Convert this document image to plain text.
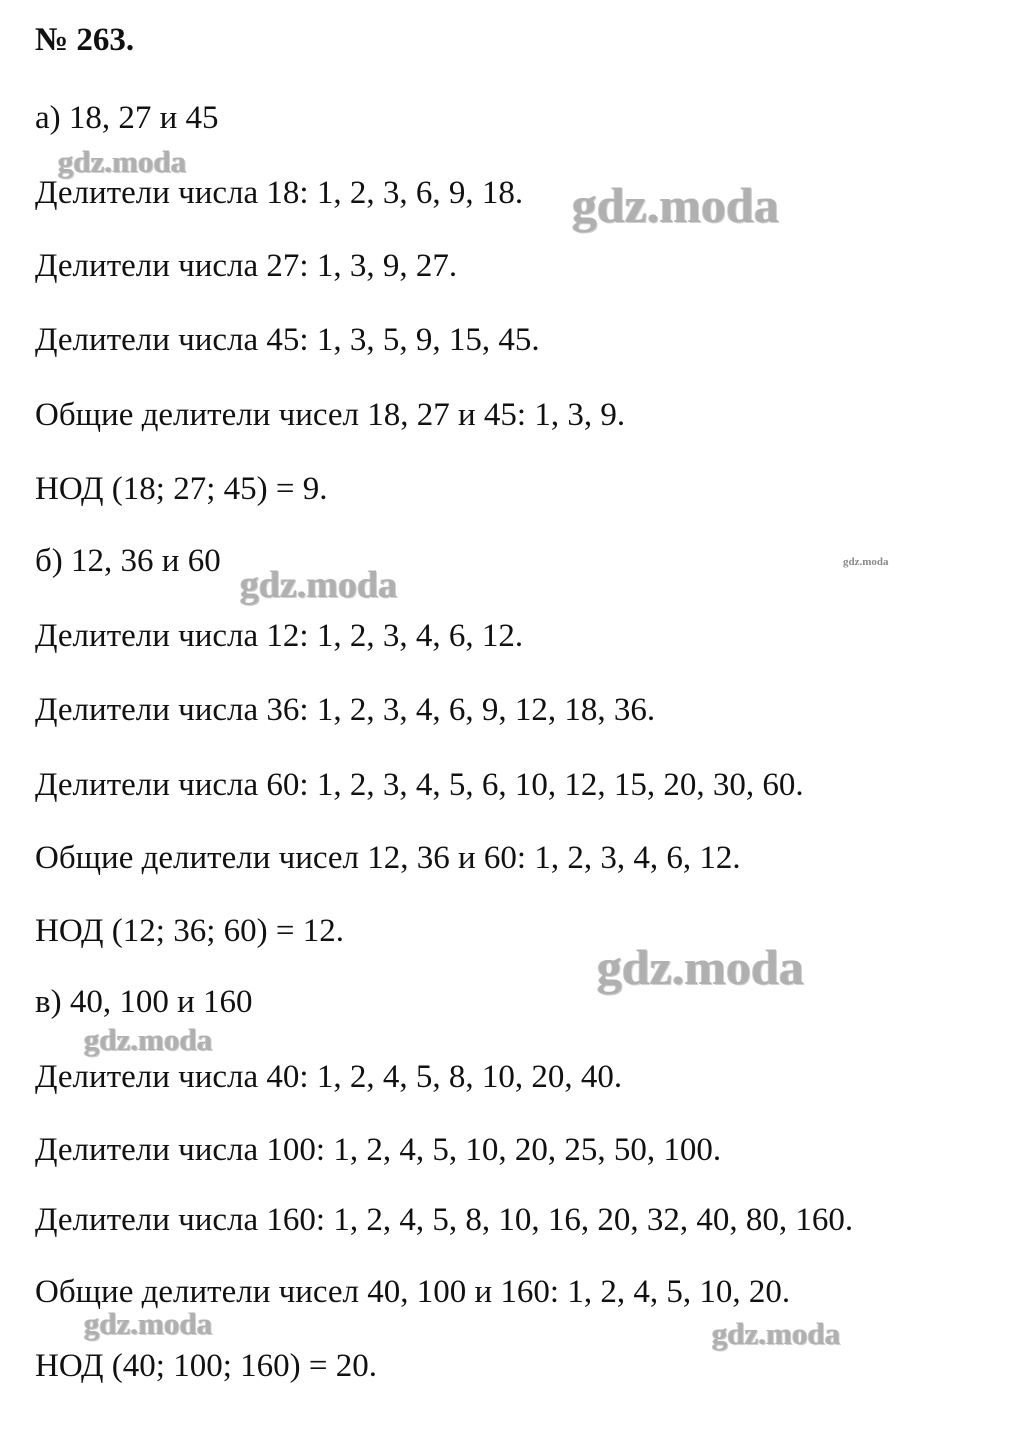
№ 263.
а) 18, 27 и 45
Делители числа 18: 1, 2, 3, 6, 9, 18.
Делители числа 27: 1, 3, 9, 27.
Делители числа 45: 1, 3, 5, 9, 15, 45.
Общие делители чисел 18, 27 и 45: 1, 3, 9.
НОД (18; 27; 45) = 9.
б) 12, 36 и 60
Делители числа 12: 1, 2, 3, 4, 6, 12.
Делители числа 36: 1, 2, 3, 4, 6, 9, 12, 18, 36.
Делители числа 60: 1, 2, 3, 4, 5, 6, 10, 12, 15, 20, 30, 60.
Общие делители чисел 12, 36 и 60: 1, 2, 3, 4, 6, 12.
НОД (12; 36; 60) = 12.
в) 40, 100 и 160
Делители числа 40: 1, 2, 4, 5, 8, 10, 20, 40.
Делители числа 100: 1, 2, 4, 5, 10, 20, 25, 50, 100.
Делители числа 160: 1, 2, 4, 5, 8, 10, 16, 20, 32, 40, 80, 160.
Общие делители чисел 40, 100 и 160: 1, 2, 4, 5, 10, 20.
НОД (40; 100; 160) = 20.
gdz.moda
gdz.moda
gdz.moda
gdz.moda
gdz.moda
gdz.moda
gdz.moda	gdz.moda
